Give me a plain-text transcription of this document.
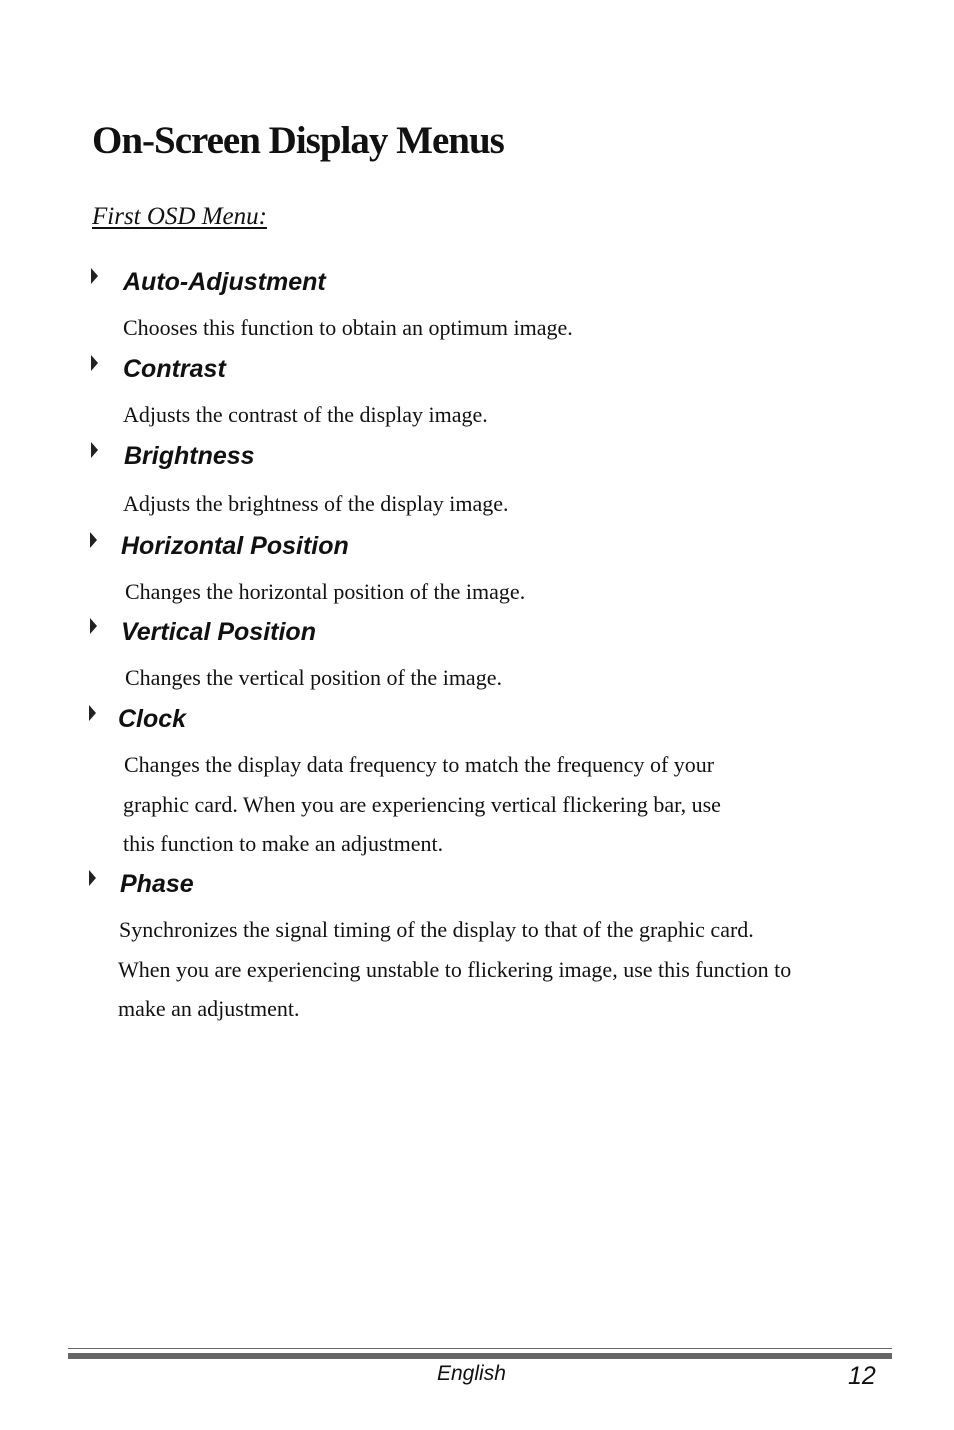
On-Screen Display Menus
First OSD Menu:
Auto-Adjustment
Chooses this function to obtain an optimum image.
Contrast
Adjusts the contrast of the display image.
Brightness
Adjusts the brightness of the display image.
Horizontal Position
Changes the horizontal position of the image.
Vertical Position
Changes the vertical position of the image.
Clock
Changes the display data frequency to match the frequency of your
graphic card. When you are experiencing vertical flickering bar, use
this function to make an adjustment.
Phase
Synchronizes the signal timing of the display to that of the graphic card.
When you are experiencing unstable to flickering image, use this function to
make an adjustment.
English	12
